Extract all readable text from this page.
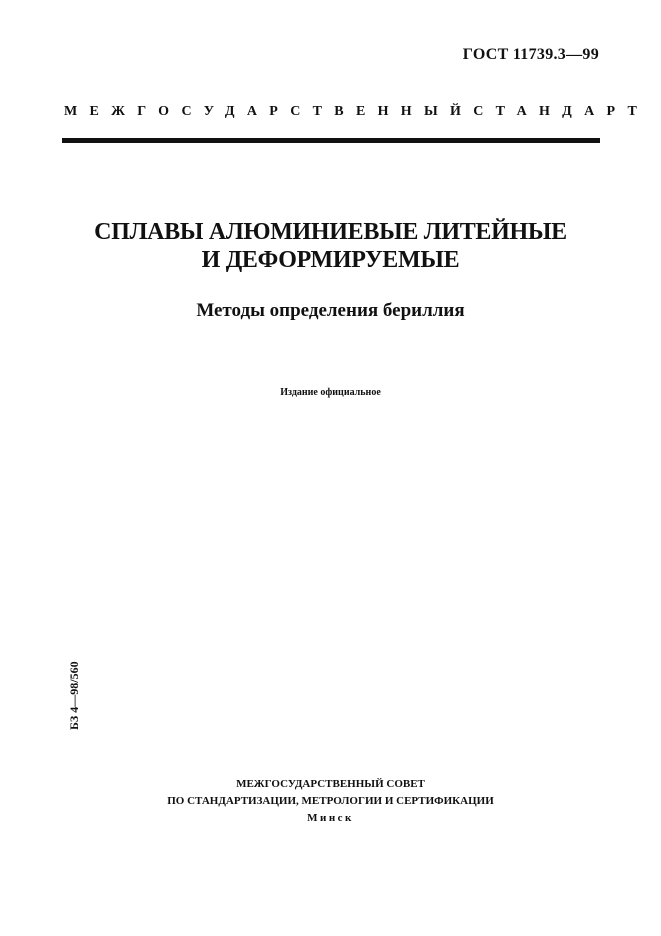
ГОСТ 11739.3—99
МЕЖГОСУДАРСТВЕННЫЙ СТАНДАРТ
СПЛАВЫ АЛЮМИНИЕВЫЕ ЛИТЕЙНЫЕ
И ДЕФОРМИРУЕМЫЕ
Методы определения бериллия
Издание официальное
БЗ 4—98/560
МЕЖГОСУДАРСТВЕННЫЙ СОВЕТ
ПО СТАНДАРТИЗАЦИИ, МЕТРОЛОГИИ И СЕРТИФИКАЦИИ
Минск
